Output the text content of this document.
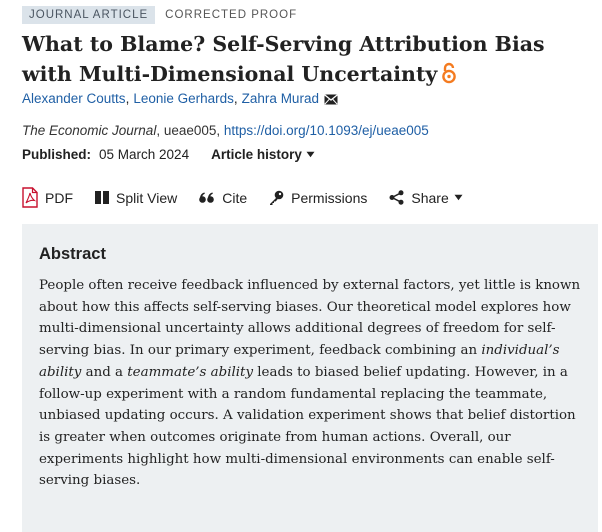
JOURNAL ARTICLE	CORRECTED PROOF
What to Blame? Self-Serving Attribution Bias with Multi-Dimensional Uncertainty
Alexander Coutts, Leonie Gerhards, Zahra Murad
The Economic Journal, ueae005, https://doi.org/10.1093/ej/ueae005
Published: 05 March 2024 Article history
PDF	Split View	Cite	Permissions	Share
Abstract

People often receive feedback influenced by external factors, yet little is known about how this affects self-serving biases. Our theoretical model explores how multi-dimensional uncertainty allows additional degrees of freedom for self-serving bias. In our primary experiment, feedback combining an individual’s ability and a teammate’s ability leads to biased belief updating. However, in a follow-up experiment with a random fundamental replacing the teammate, unbiased updating occurs. A validation experiment shows that belief distortion is greater when outcomes originate from human actions. Overall, our experiments highlight how multi-dimensional environments can enable self-serving biases.
